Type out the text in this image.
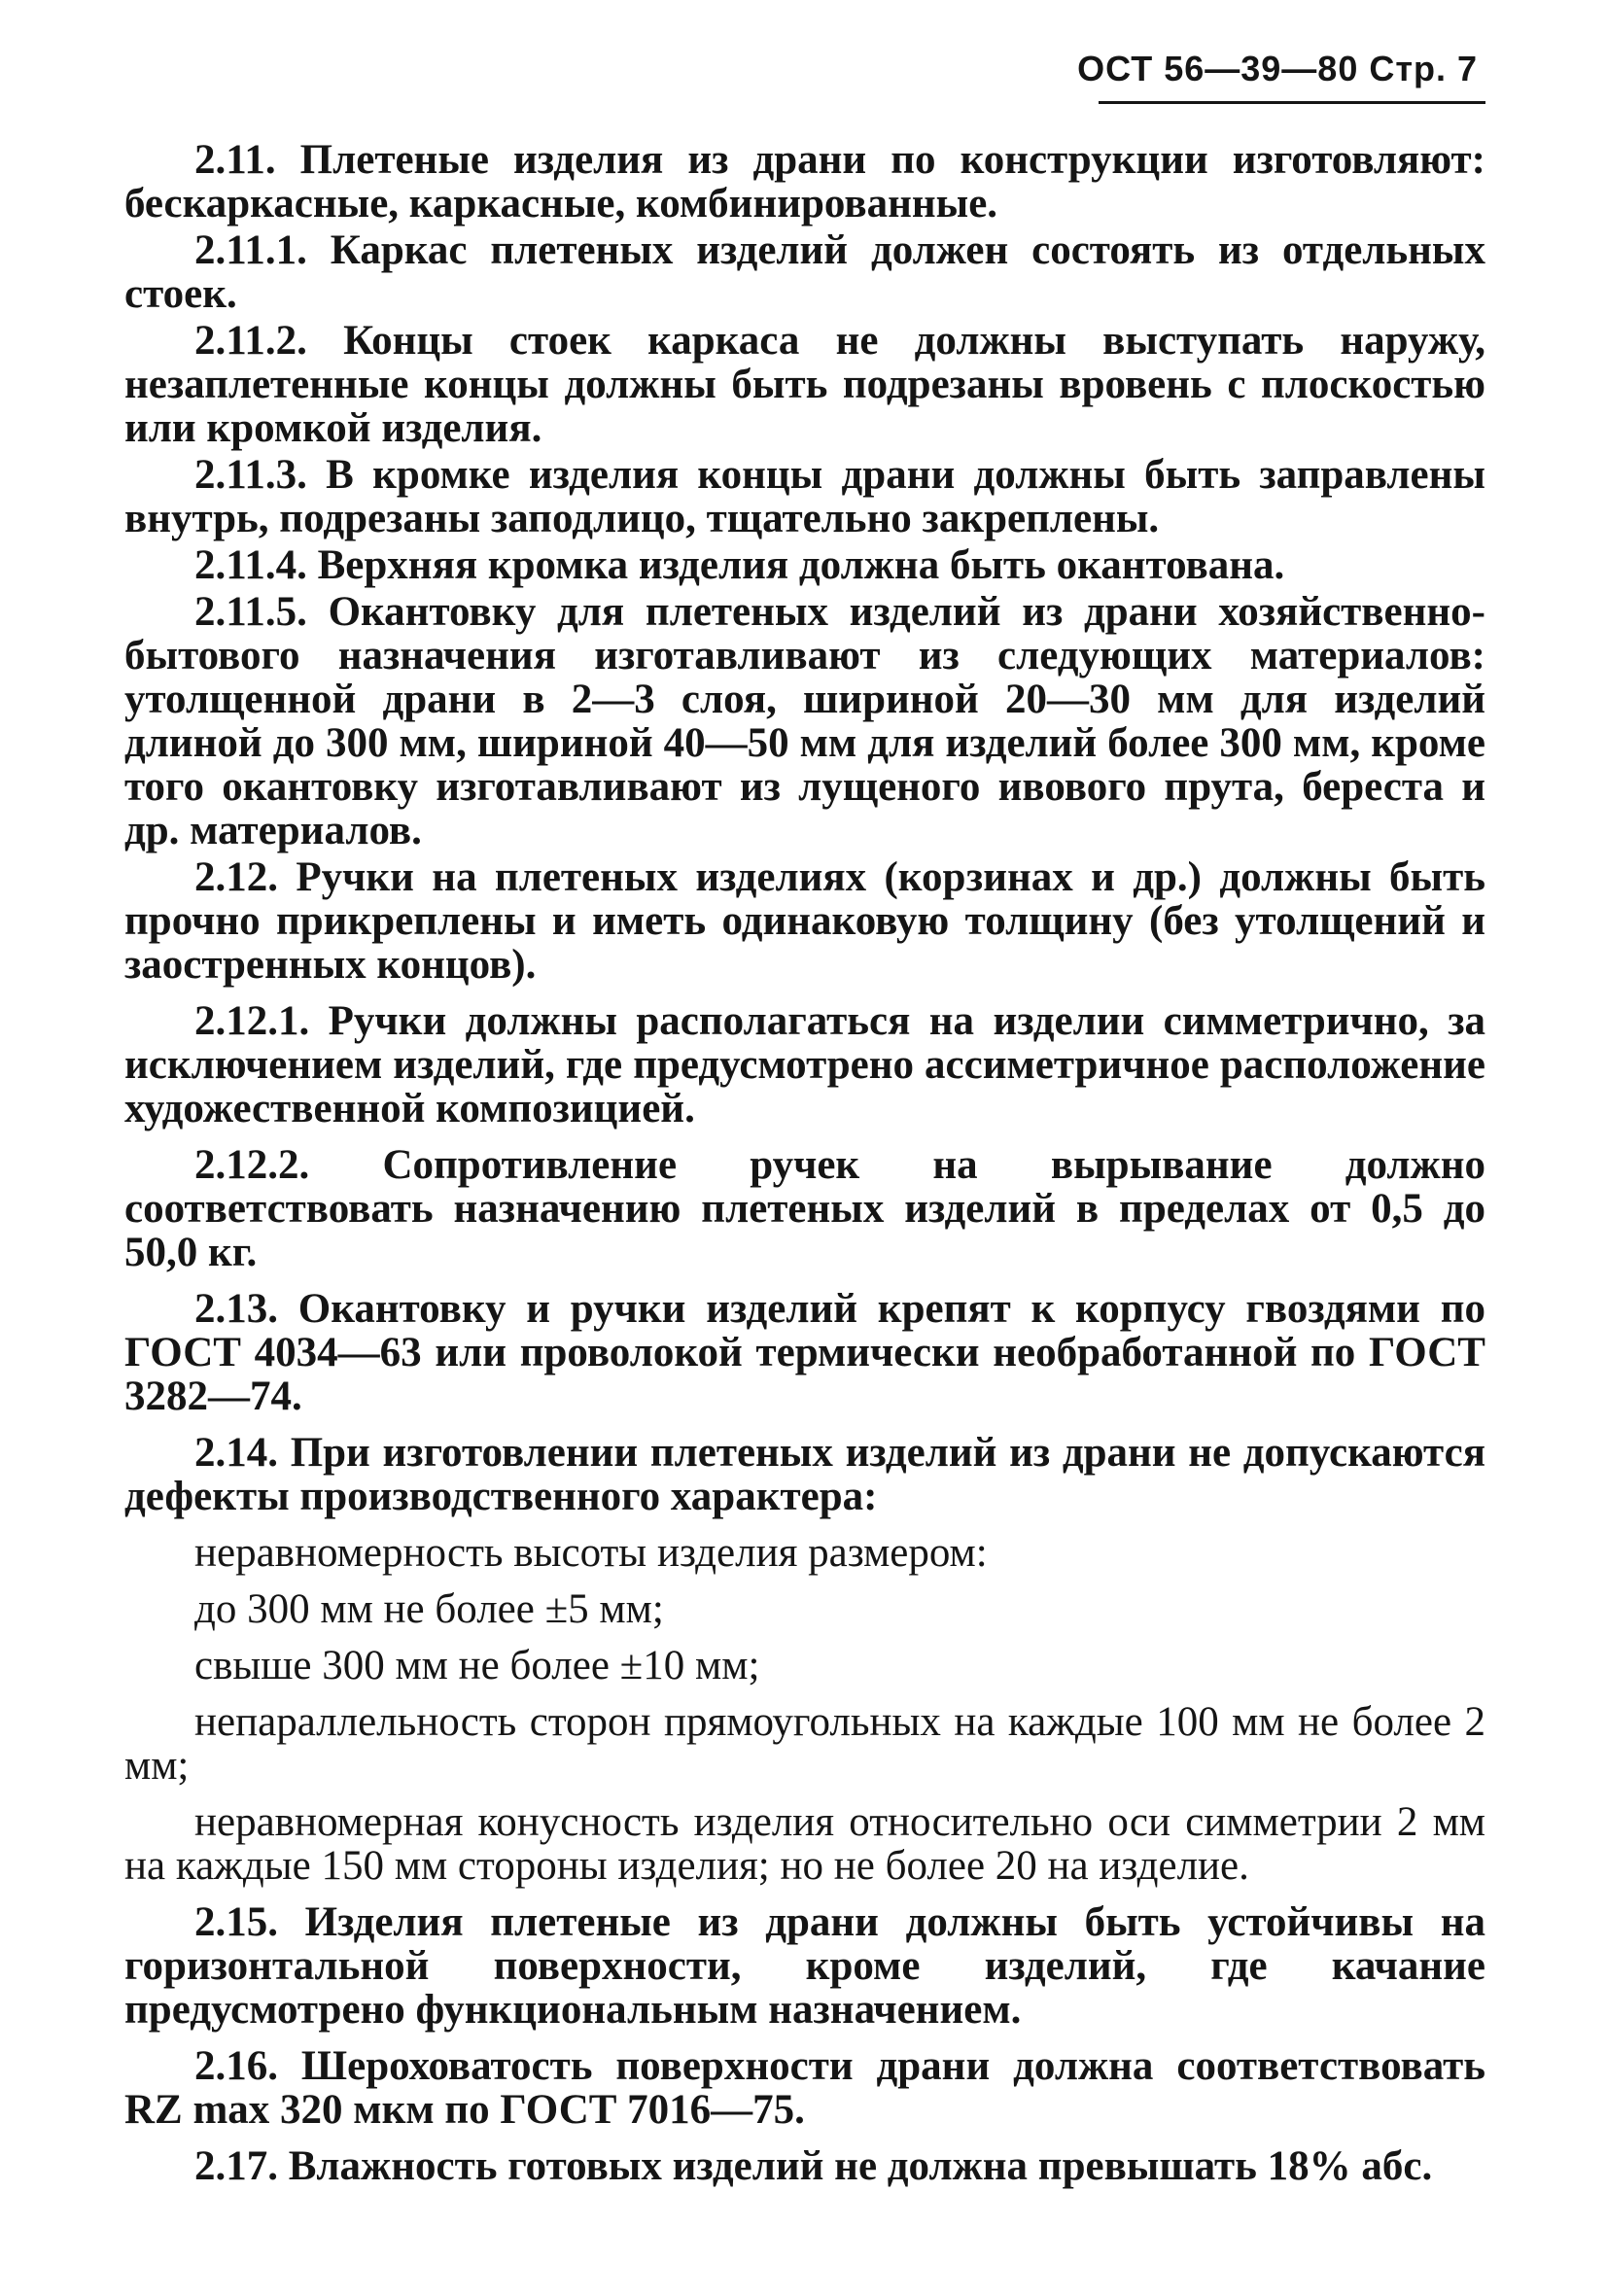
ОСТ 56—39—80 Стр. 7

2.11. Плетеные изделия из драни по конструкции изготовляют: бескаркасные, каркасные, комбинированные.

2.11.1. Каркас плетеных изделий должен состоять из отдельных стоек.

2.11.2. Концы стоек каркаса не должны выступать наружу, незаплетенные концы должны быть подрезаны вровень с плоскостью или кромкой изделия.

2.11.3. В кромке изделия концы драни должны быть заправлены внутрь, подрезаны заподлицо, тщательно закреплены.

2.11.4. Верхняя кромка изделия должна быть окантована.

2.11.5. Окантовку для плетеных изделий из драни хозяйственно-бытового назначения изготавливают из следующих материалов: утолщенной драни в 2—3 слоя, шириной 20—30 мм для изделий длиной до 300 мм, шириной 40—50 мм для изделий более 300 мм, кроме того окантовку изготавливают из лущеного ивового прута, береста и др. материалов.

2.12. Ручки на плетеных изделиях (корзинах и др.) должны быть прочно прикреплены и иметь одинаковую толщину (без утолщений и заостренных концов).

2.12.1. Ручки должны располагаться на изделии симметрично, за исключением изделий, где предусмотрено ассиметричное расположение художественной композицией.

2.12.2. Сопротивление ручек на вырывание должно соответствовать назначению плетеных изделий в пределах от 0,5 до 50,0 кг.

2.13. Окантовку и ручки изделий крепят к корпусу гвоздями по ГОСТ 4034—63 или проволокой термически необработанной по ГОСТ 3282—74.

2.14. При изготовлении плетеных изделий из драни не допускаются дефекты производственного характера:

неравномерность высоты изделия размером:

до 300 мм не более ±5 мм;

свыше 300 мм не более ±10 мм;

непараллельность сторон прямоугольных на каждые 100 мм не более 2 мм;

неравномерная конусность изделия относительно оси симметрии 2 мм на каждые 150 мм стороны изделия; но не более 20 на изделие.

2.15. Изделия плетеные из драни должны быть устойчивы на горизонтальной поверхности, кроме изделий, где качание предусмотрено функциональным назначением.

2.16. Шероховатость поверхности драни должна соответствовать RZ max 320 мкм по ГОСТ 7016—75.

2.17. Влажность готовых изделий не должна превышать 18% абс.
